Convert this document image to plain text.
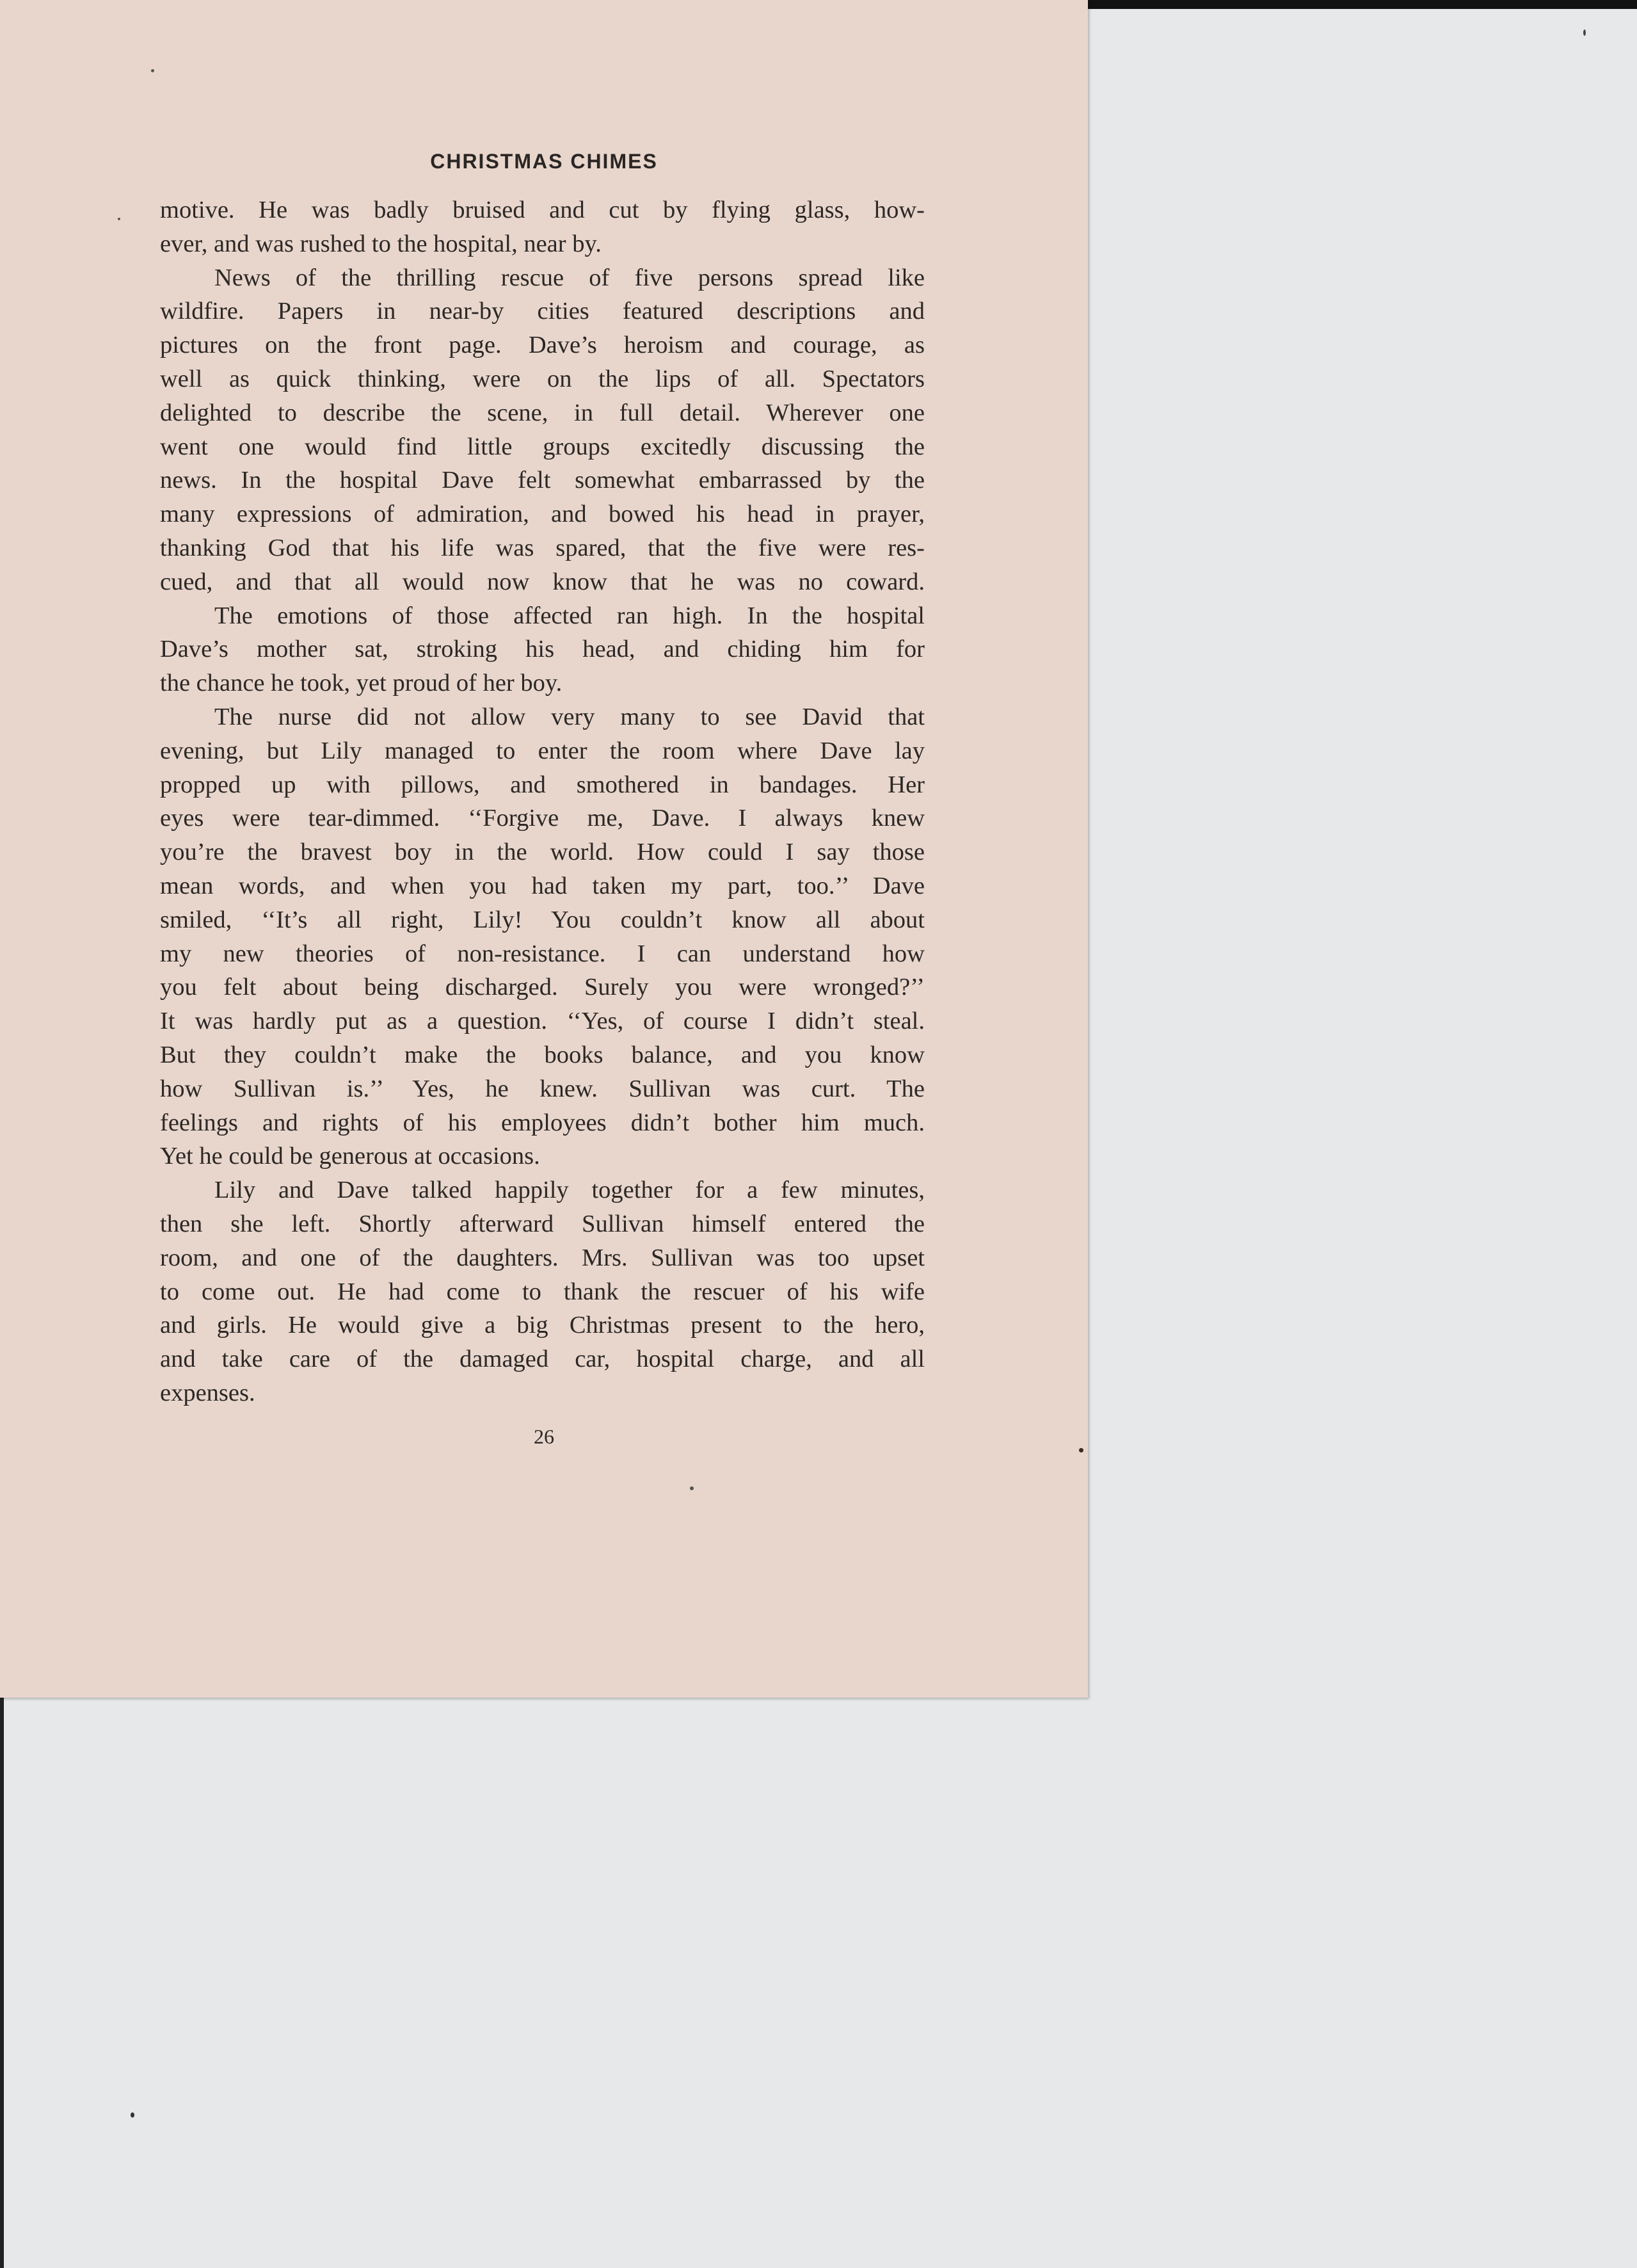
CHRISTMAS CHIMES
motive. He was badly bruised and cut by flying glass, how-
ever, and was rushed to the hospital, near by.
News of the thrilling rescue of five persons spread like
wildfire. Papers in near-by cities featured descriptions and
pictures on the front page. Dave’s heroism and courage, as
well as quick thinking, were on the lips of all. Spectators
delighted to describe the scene, in full detail. Wherever one
went one would find little groups excitedly discussing the
news. In the hospital Dave felt somewhat embarrassed by the
many expressions of admiration, and bowed his head in prayer,
thanking God that his life was spared, that the five were res-
cued, and that all would now know that he was no coward.
The emotions of those affected ran high. In the hospital
Dave’s mother sat, stroking his head, and chiding him for
the chance he took, yet proud of her boy.
The nurse did not allow very many to see David that
evening, but Lily managed to enter the room where Dave lay
propped up with pillows, and smothered in bandages. Her
eyes were tear-dimmed. ‘‘Forgive me, Dave. I always knew
you’re the bravest boy in the world. How could I say those
mean words, and when you had taken my part, too.’’ Dave
smiled, ‘‘It’s all right, Lily! You couldn’t know all about
my new theories of non-resistance. I can understand how
you felt about being discharged. Surely you were wronged?’’
It was hardly put as a question. ‘‘Yes, of course I didn’t steal.
But they couldn’t make the books balance, and you know
how Sullivan is.’’ Yes, he knew. Sullivan was curt. The
feelings and rights of his employees didn’t bother him much.
Yet he could be generous at occasions.
Lily and Dave talked happily together for a few minutes,
then she left. Shortly afterward Sullivan himself entered the
room, and one of the daughters. Mrs. Sullivan was too upset
to come out. He had come to thank the rescuer of his wife
and girls. He would give a big Christmas present to the hero,
and take care of the damaged car, hospital charge, and all
expenses.
26
